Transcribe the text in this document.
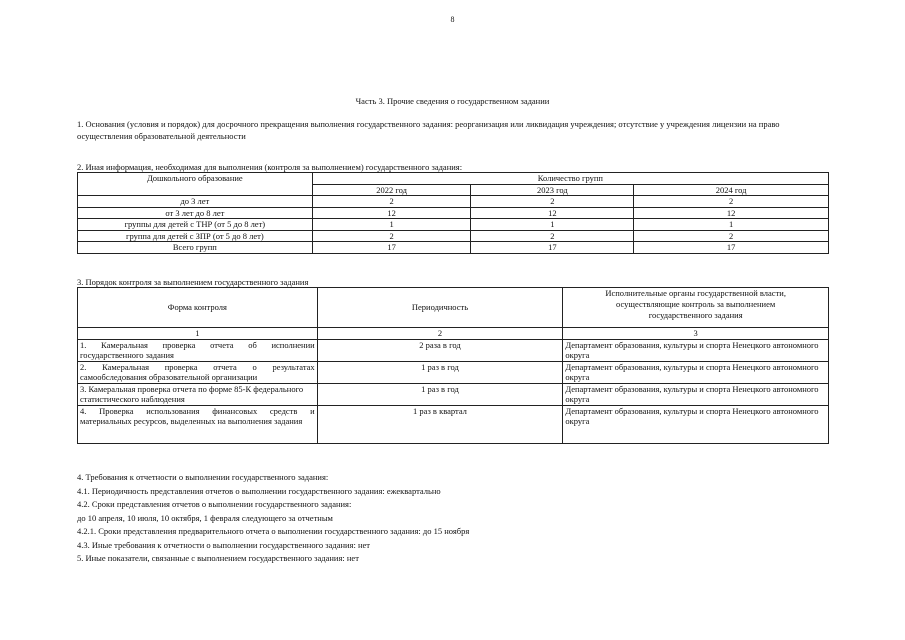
8
Часть 3. Прочие сведения о государственном задании
1. Основания (условия и порядок) для досрочного прекращения выполнения государственного задания: реорганизация или ликвидация учреждения; отсутствие у учреждения лицензии на право осуществления образовательной деятельности
2. Иная информация, необходимая для выполнения (контроля за выполнением) государственного задания:
Дошкольного образование	Количество групп		
	2022 год	2023 год	2024 год
до 3 лет	2	2	2
от 3 лет до 8 лет	12	12	12
группы для детей с ТНР (от 5 до 8 лет)	1	1	1
группа для детей с ЗПР (от 5 до 8 лет)	2	2	2
Всего групп	17	17	17
3. Порядок контроля за выполнением государственного задания
Форма контроля	Периодичность	Исполнительные органы государственной власти, осуществляющие контроль за выполнением государственного задания
1	2	3
1. Камеральная проверка отчета об исполнении государственного задания	2 раза в год	Департамент образования, культуры и спорта Ненецкого автономного округа
2. Камеральная проверка отчета о результатах самообследования образовательной организации	1 раз в год	Департамент образования, культуры и спорта Ненецкого автономного округа
3. Камеральная проверка отчета по форме 85-К федерального статистического наблюдения	1 раз в год	Департамент образования, культуры и спорта Ненецкого автономного округа
4. Проверка использования финансовых средств и материальных ресурсов, выделенных на выполнения задания	1 раз в квартал	Департамент образования, культуры и спорта Ненецкого автономного округа
4. Требования к отчетности о выполнении государственного задания:
4.1. Периодичность представления отчетов о выполнении государственного задания: ежеквартально
4.2. Сроки представления отчетов о выполнении государственного задания:
до 10 апреля, 10 июля, 10 октября, 1 февраля следующего за отчетным
4.2.1. Сроки представления предварительного отчета о выполнении государственного задания: до 15 ноября
4.3. Иные требования к отчетности о выполнении государственного задания: нет
5. Иные показатели, связанные с выполнением государственного задания: нет
